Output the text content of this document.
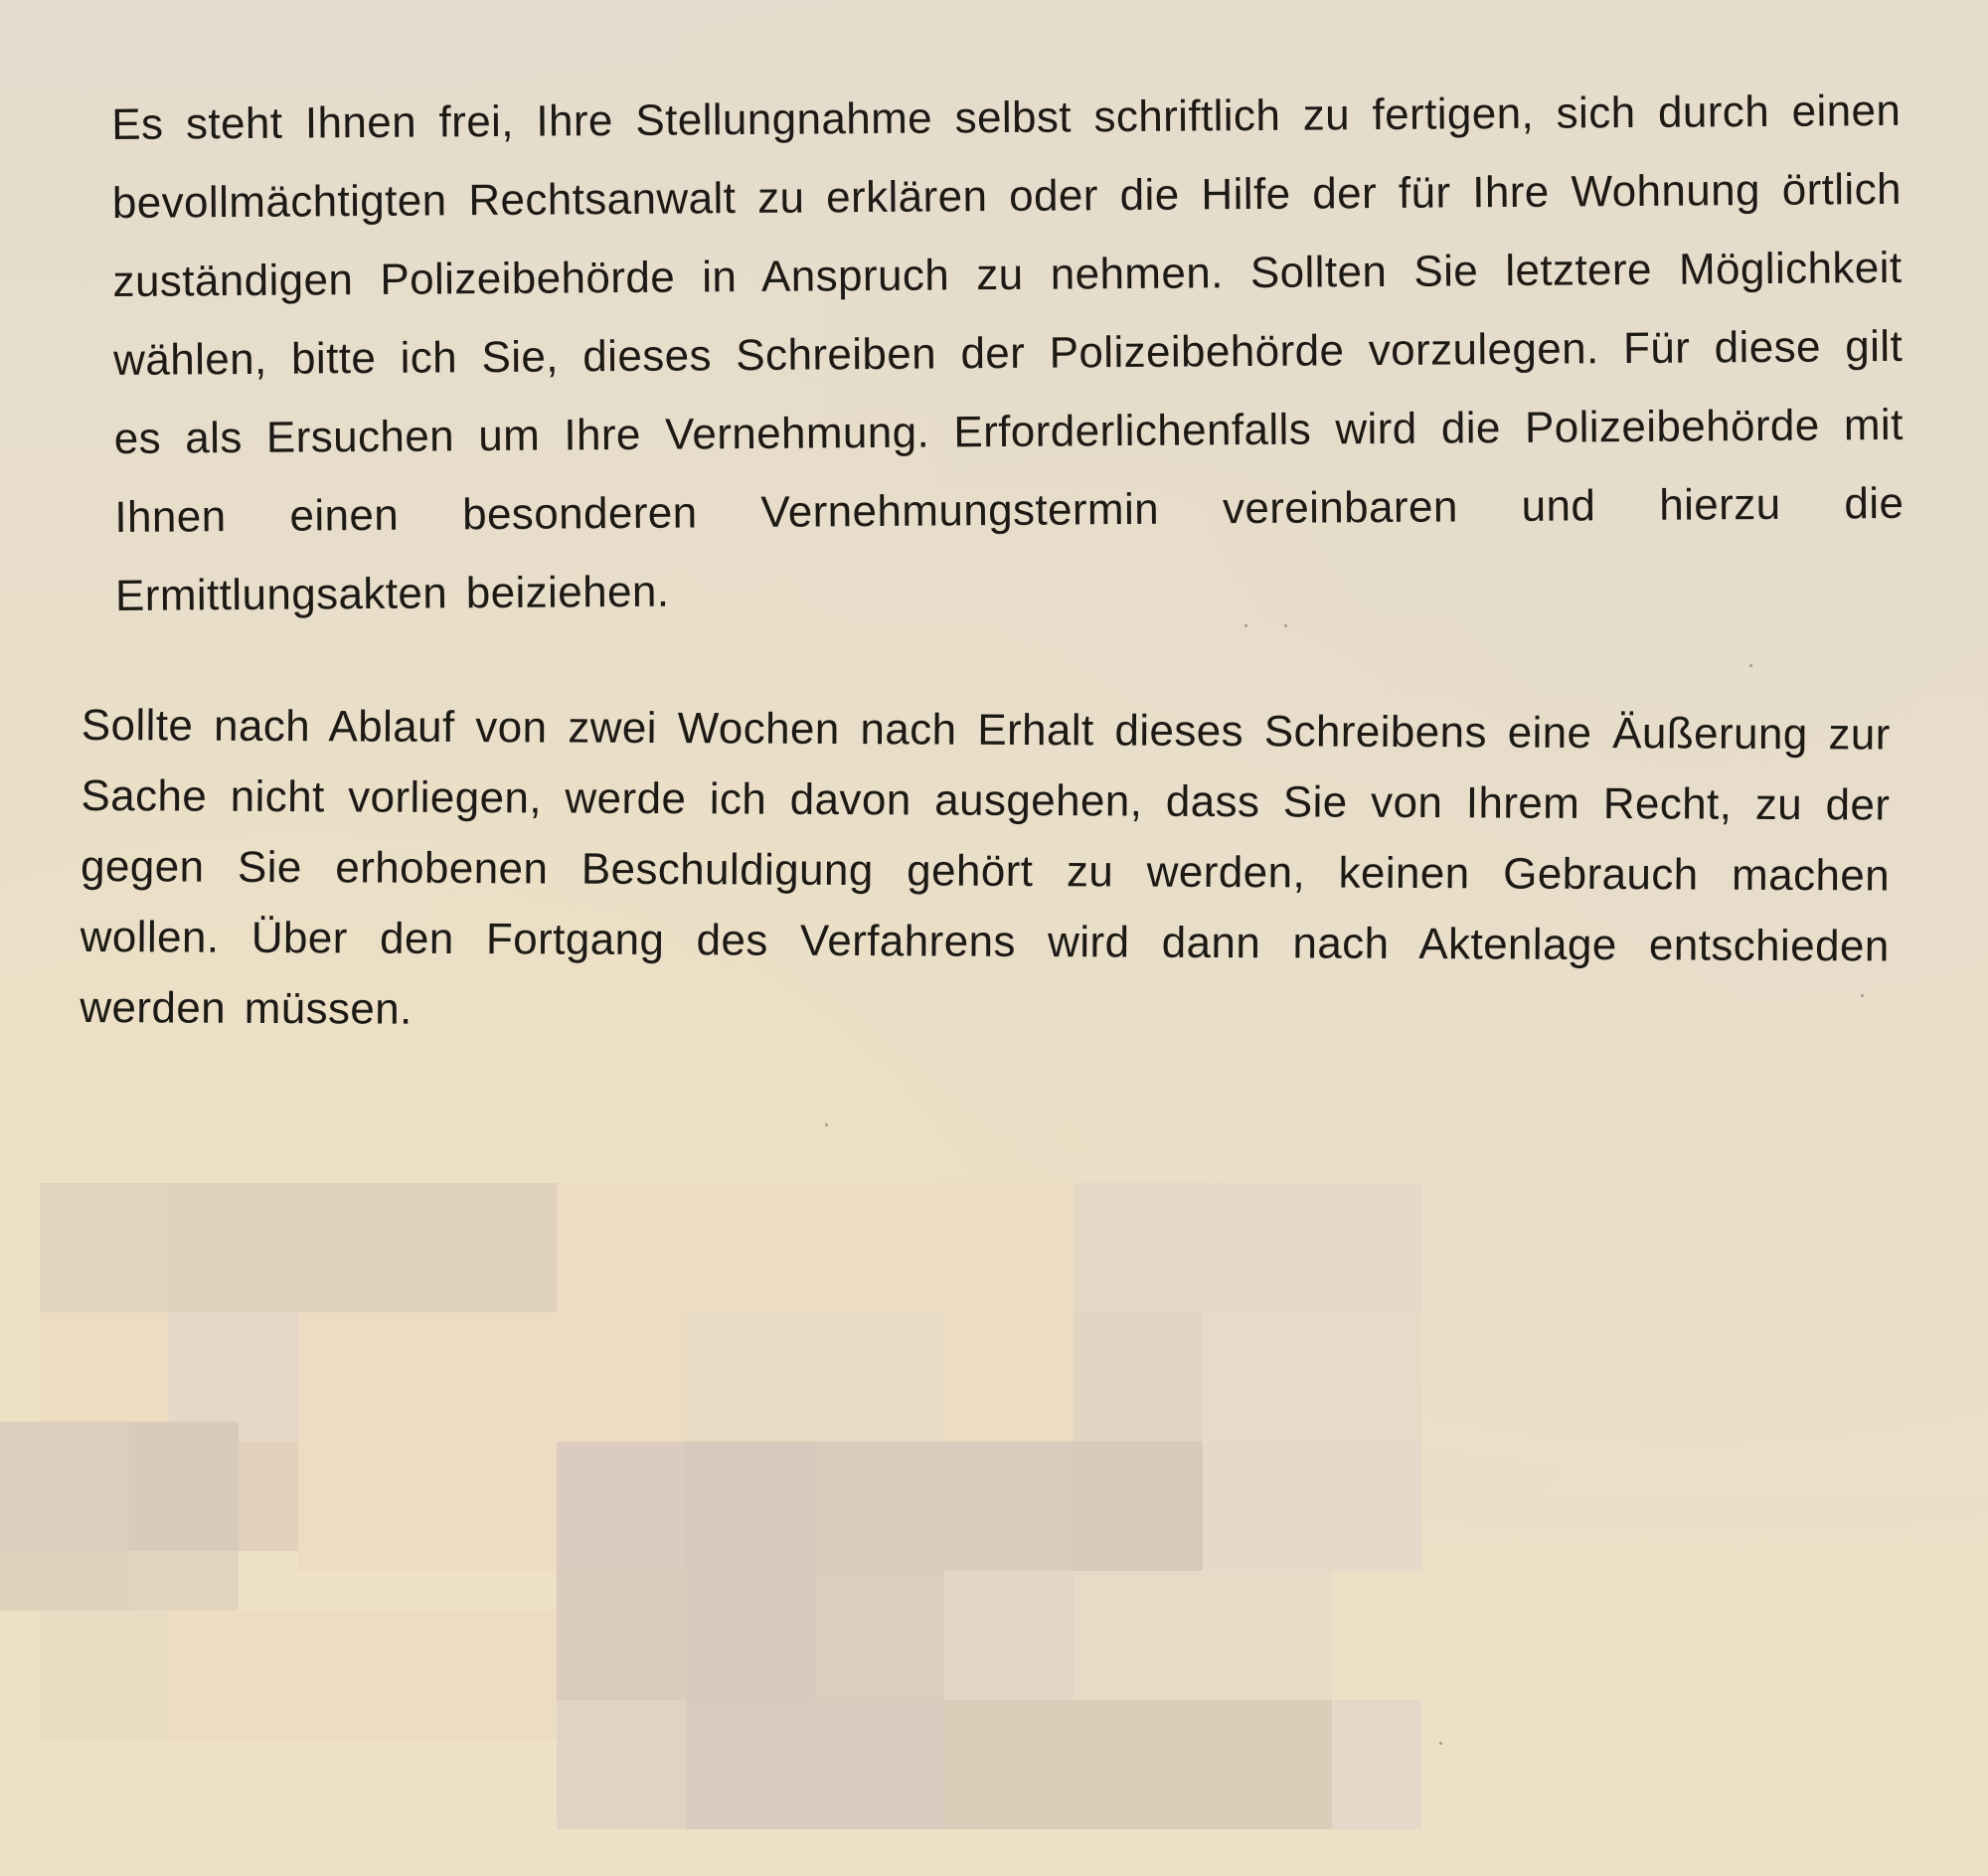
Es steht Ihnen frei, Ihre Stellungnahme selbst schriftlich zu fertigen, sich durch einen bevollmächtigten Rechtsanwalt zu erklären oder die Hilfe der für Ihre Wohnung örtlich zuständigen Polizeibehörde in Anspruch zu nehmen. Sollten Sie letztere Möglichkeit wählen, bitte ich Sie, dieses Schreiben der Polizeibehörde vorzulegen. Für diese gilt es als Ersuchen um Ihre Vernehmung. Erforderlichenfalls wird die Polizeibehörde mit Ihnen einen besonderen Vernehmungstermin vereinbaren und hierzu die Ermittlungsakten beiziehen.

Sollte nach Ablauf von zwei Wochen nach Erhalt dieses Schreibens eine Äußerung zur Sache nicht vorliegen, werde ich davon ausgehen, dass Sie von Ihrem Recht, zu der gegen Sie erhobenen Beschuldigung gehört zu werden, keinen Gebrauch machen wollen. Über den Fortgang des Verfahrens wird dann nach Aktenlage entschieden werden müssen.
